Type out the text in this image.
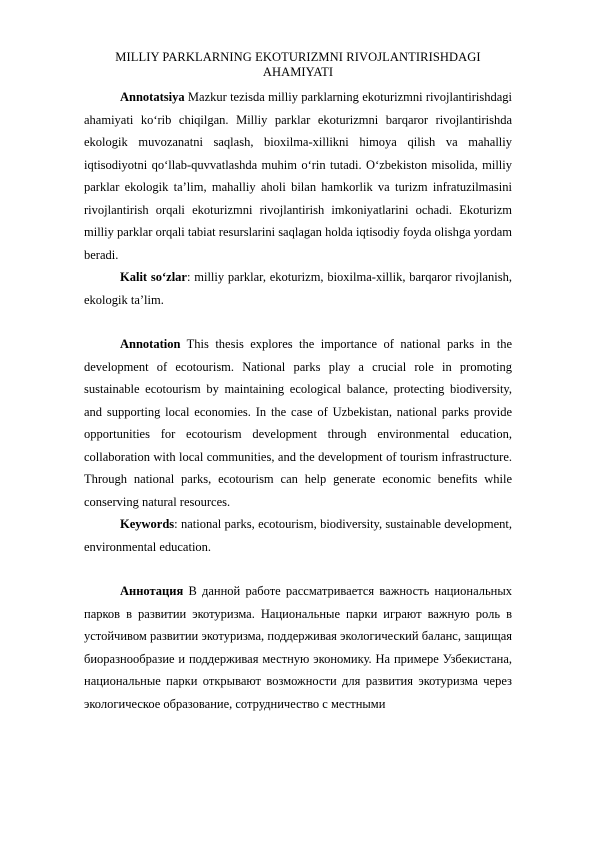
MILLIY PARKLARNING EKOTURIZMNI RIVOJLANTIRISHDAGI
AHAMIYATI

Annotatsiya Mazkur tezisda milliy parklarning ekoturizmni rivojlantirishdagi ahamiyati ko‘rib chiqilgan. Milliy parklar ekoturizmni barqaror rivojlantirishda ekologik muvozanatni saqlash, bioxilma-xillikni himoya qilish va mahalliy iqtisodiyotni qo‘llab-quvvatlashda muhim o‘rin tutadi. O‘zbekiston misolida, milliy parklar ekologik ta’lim, mahalliy aholi bilan hamkorlik va turizm infratuzilmasini rivojlantirish orqali ekoturizmni rivojlantirish imkoniyatlarini ochadi. Ekoturizm milliy parklar orqali tabiat resurslarini saqlagan holda iqtisodiy foyda olishga yordam beradi.

Kalit so‘zlar: milliy parklar, ekoturizm, bioxilma-xillik, barqaror rivojlanish, ekologik ta’lim.

Annotation This thesis explores the importance of national parks in the development of ecotourism. National parks play a crucial role in promoting sustainable ecotourism by maintaining ecological balance, protecting biodiversity, and supporting local economies. In the case of Uzbekistan, national parks provide opportunities for ecotourism development through environmental education, collaboration with local communities, and the development of tourism infrastructure. Through national parks, ecotourism can help generate economic benefits while conserving natural resources.

Keywords: national parks, ecotourism, biodiversity, sustainable development, environmental education.

Аннотация В данной работе рассматривается важность национальных парков в развитии экотуризма. Национальные парки играют важную роль в устойчивом развитии экотуризма, поддерживая экологический баланс, защищая биоразнообразие и поддерживая местную экономику. На примере Узбекистана, национальные парки открывают возможности для развития экотуризма через экологическое образование, сотрудничество с местными
